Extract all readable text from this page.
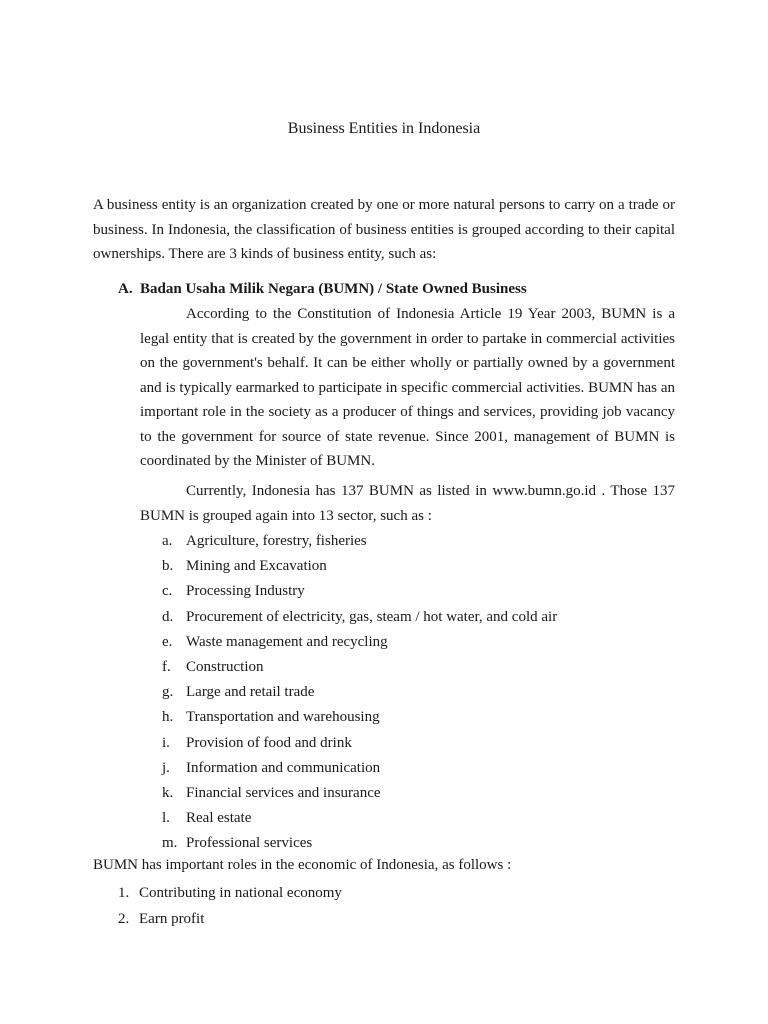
Business Entities in Indonesia

A business entity is an organization created by one or more natural persons to carry on a trade or business. In Indonesia, the classification of business entities is grouped according to their capital ownerships. There are 3 kinds of business entity, such as:

A. Badan Usaha Milik Negara (BUMN) / State Owned Business

According to the Constitution of Indonesia Article 19 Year 2003, BUMN is a legal entity that is created by the government in order to partake in commercial activities on the government's behalf. It can be either wholly or partially owned by a government and is typically earmarked to participate in specific commercial activities. BUMN has an important role in the society as a producer of things and services, providing job vacancy to the government for source of state revenue. Since 2001, management of BUMN is coordinated by the Minister of BUMN.

Currently, Indonesia has 137 BUMN as listed in www.bumn.go.id . Those 137 BUMN is grouped again into 13 sector, such as :

a. Agriculture, forestry, fisheries
b. Mining and Excavation
c. Processing Industry
d. Procurement of electricity, gas, steam / hot water, and cold air
e. Waste management and recycling
f. Construction
g. Large and retail trade
h. Transportation and warehousing
i. Provision of food and drink
j. Information and communication
k. Financial services and insurance
l. Real estate
m. Professional services
BUMN has important roles in the economic of Indonesia, as follows :
1. Contributing in national economy
2. Earn profit
